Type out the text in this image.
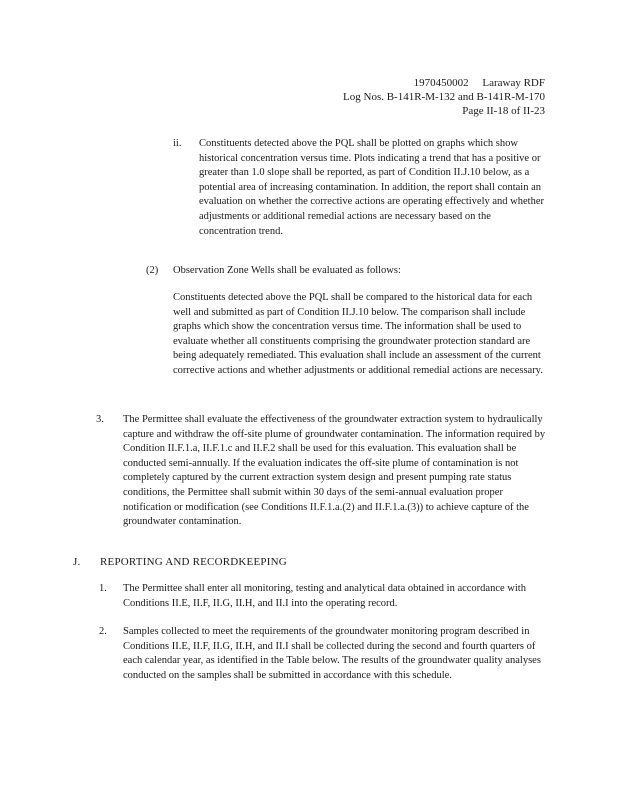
1970450002     Laraway RDF
Log Nos. B-141R-M-132 and B-141R-M-170
Page II-18 of II-23
ii. Constituents detected above the PQL shall be plotted on graphs which show historical concentration versus time. Plots indicating a trend that has a positive or greater than 1.0 slope shall be reported, as part of Condition II.J.10 below, as a potential area of increasing contamination. In addition, the report shall contain an evaluation on whether the corrective actions are operating effectively and whether adjustments or additional remedial actions are necessary based on the concentration trend.
(2) Observation Zone Wells shall be evaluated as follows:
Constituents detected above the PQL shall be compared to the historical data for each well and submitted as part of Condition II.J.10 below. The comparison shall include graphs which show the concentration versus time. The information shall be used to evaluate whether all constituents comprising the groundwater protection standard are being adequately remediated. This evaluation shall include an assessment of the current corrective actions and whether adjustments or additional remedial actions are necessary.
3. The Permittee shall evaluate the effectiveness of the groundwater extraction system to hydraulically capture and withdraw the off-site plume of groundwater contamination. The information required by Condition II.F.1.a, II.F.1.c and II.F.2 shall be used for this evaluation. This evaluation shall be conducted semi-annually. If the evaluation indicates the off-site plume of contamination is not completely captured by the current extraction system design and present pumping rate status conditions, the Permittee shall submit within 30 days of the semi-annual evaluation proper notification or modification (see Conditions II.F.1.a.(2) and II.F.1.a.(3)) to achieve capture of the groundwater contamination.
J. REPORTING AND RECORDKEEPING
1. The Permittee shall enter all monitoring, testing and analytical data obtained in accordance with Conditions II.E, II.F, II.G, II.H, and II.I into the operating record.
2. Samples collected to meet the requirements of the groundwater monitoring program described in Conditions II.E, II.F, II.G, II.H, and II.I shall be collected during the second and fourth quarters of each calendar year, as identified in the Table below. The results of the groundwater quality analyses conducted on the samples shall be submitted in accordance with this schedule.
